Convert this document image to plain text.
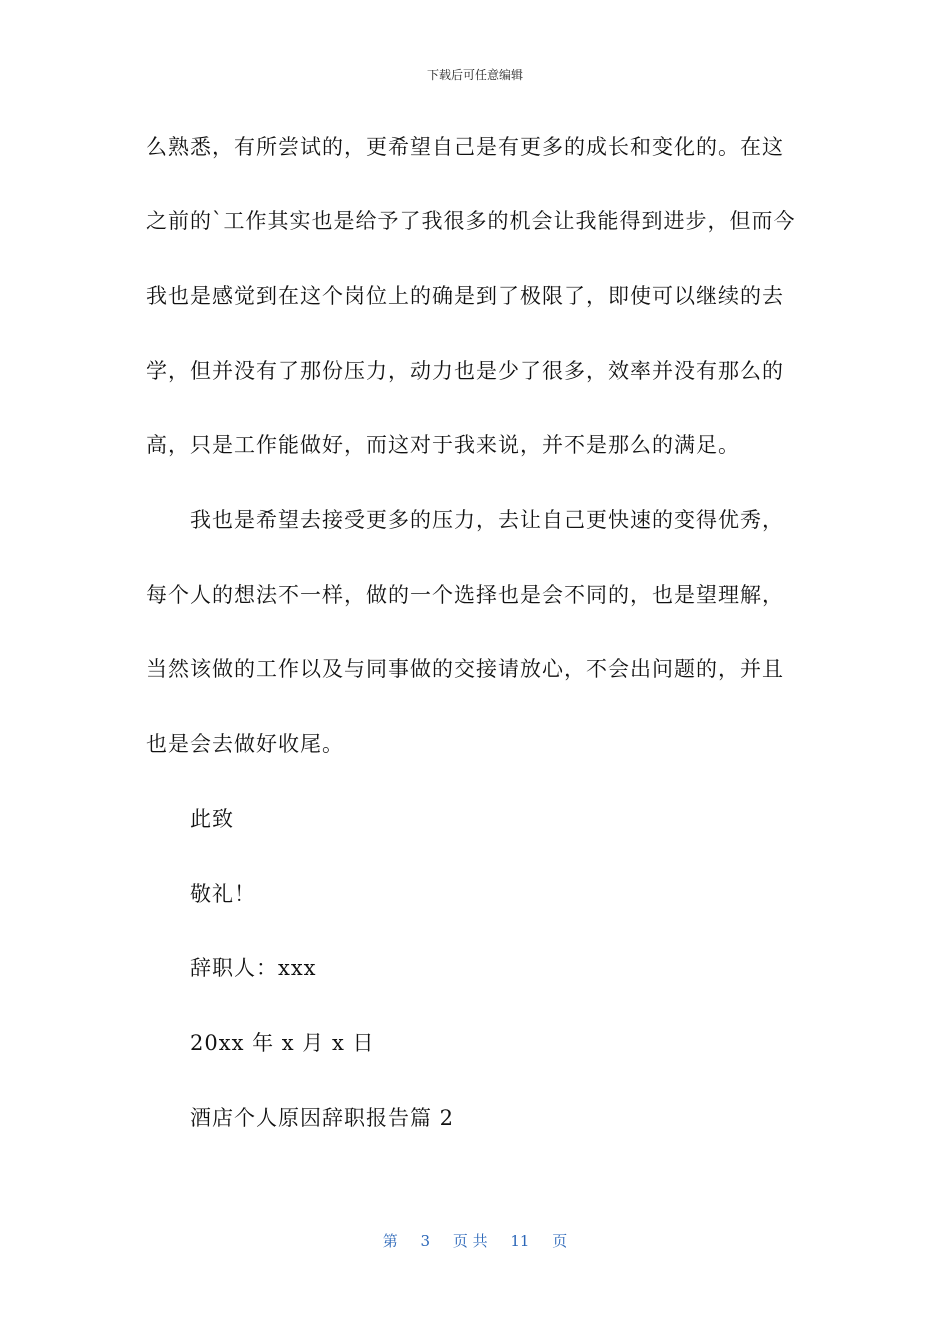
下载后可任意编辑
么熟悉，有所尝试的，更希望自己是有更多的成长和变化的。在这
之前的`工作其实也是给予了我很多的机会让我能得到进步，但而今
我也是感觉到在这个岗位上的确是到了极限了，即使可以继续的去
学，但并没有了那份压力，动力也是少了很多，效率并没有那么的
高，只是工作能做好，而这对于我来说，并不是那么的满足。
我也是希望去接受更多的压力，去让自己更快速的变得优秀，
每个人的想法不一样，做的一个选择也是会不同的，也是望理解，
当然该做的工作以及与同事做的交接请放心，不会出问题的，并且
也是会去做好收尾。
此致
敬礼！
辞职人：xxx
20xx 年 x 月 x 日
酒店个人原因辞职报告篇 2
第 3 页 共 11 页
